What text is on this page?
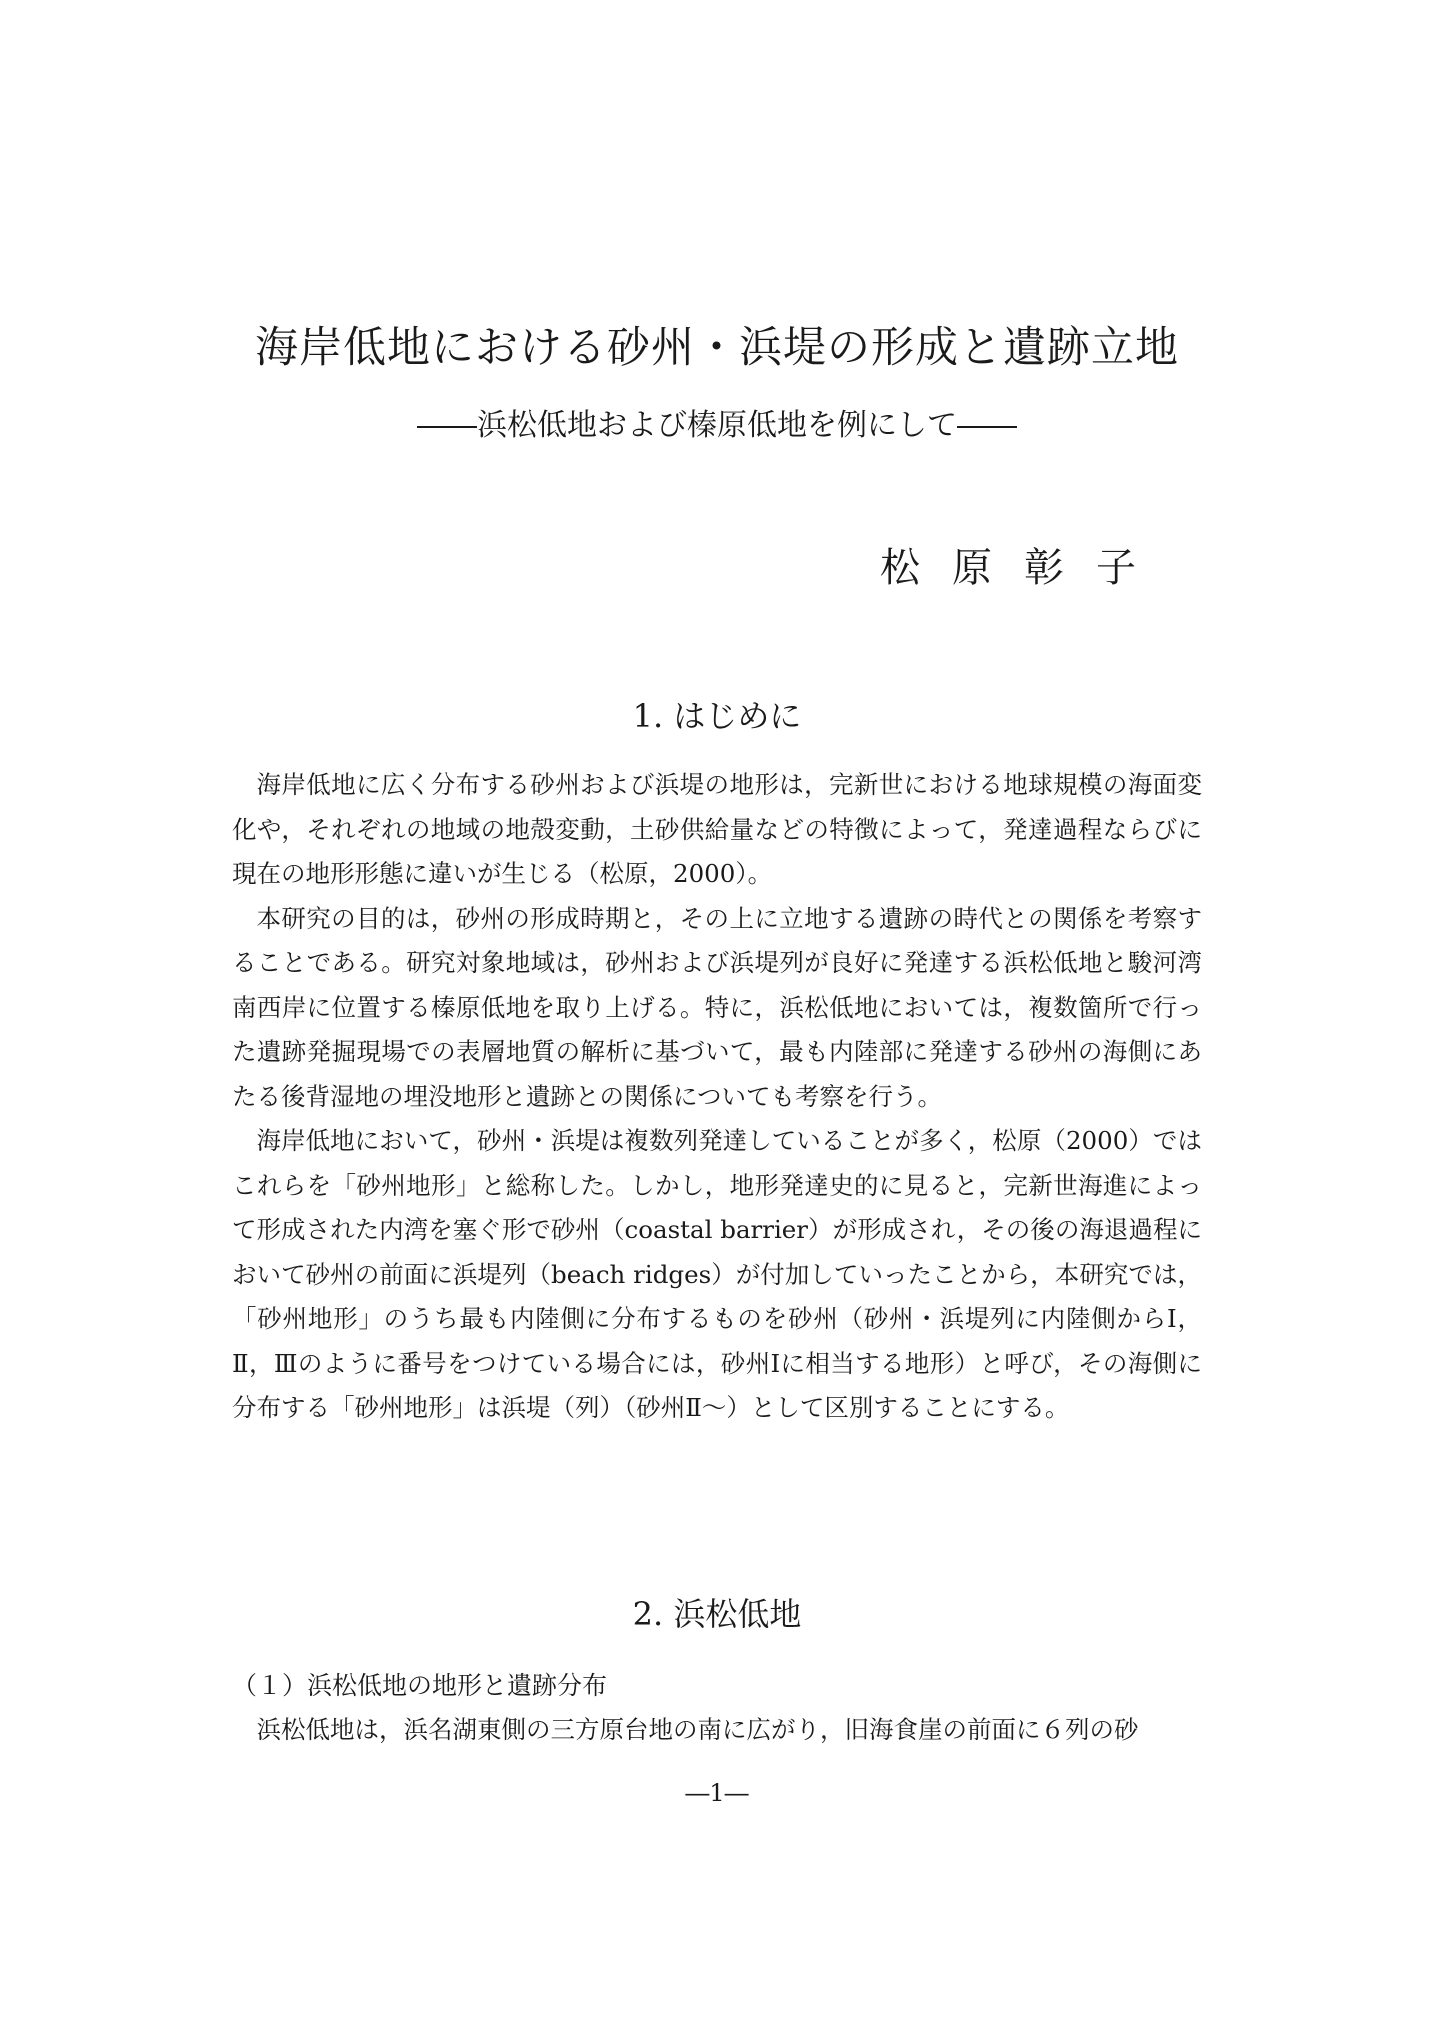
海岸低地における砂州・浜堤の形成と遺跡立地
――浜松低地および榛原低地を例にして――
松原彰子
1. はじめに

海岸低地に広く分布する砂州および浜堤の地形は，完新世における地球規模の海面変化や，それぞれの地域の地殻変動，土砂供給量などの特徴によって，発達過程ならびに現在の地形形態に違いが生じる（松原，2000）。

本研究の目的は，砂州の形成時期と，その上に立地する遺跡の時代との関係を考察することである。研究対象地域は，砂州および浜堤列が良好に発達する浜松低地と駿河湾南西岸に位置する榛原低地を取り上げる。特に，浜松低地においては，複数箇所で行った遺跡発掘現場での表層地質の解析に基づいて，最も内陸部に発達する砂州の海側にあたる後背湿地の埋没地形と遺跡との関係についても考察を行う。

海岸低地において，砂州・浜堤は複数列発達していることが多く，松原（2000）ではこれらを「砂州地形」と総称した。しかし，地形発達史的に見ると，完新世海進によって形成された内湾を塞ぐ形で砂州（coastal barrier）が形成され，その後の海退過程において砂州の前面に浜堤列（beach ridges）が付加していったことから，本研究では，「砂州地形」のうち最も内陸側に分布するものを砂州（砂州・浜堤列に内陸側からⅠ，Ⅱ，Ⅲのように番号をつけている場合には，砂州Ⅰに相当する地形）と呼び，その海側に分布する「砂州地形」は浜堤（列）（砂州Ⅱ～）として区別することにする。

2. 浜松低地
（１）浜松低地の地形と遺跡分布

浜松低地は，浜名湖東側の三方原台地の南に広がり，旧海食崖の前面に６列の砂

―1―
